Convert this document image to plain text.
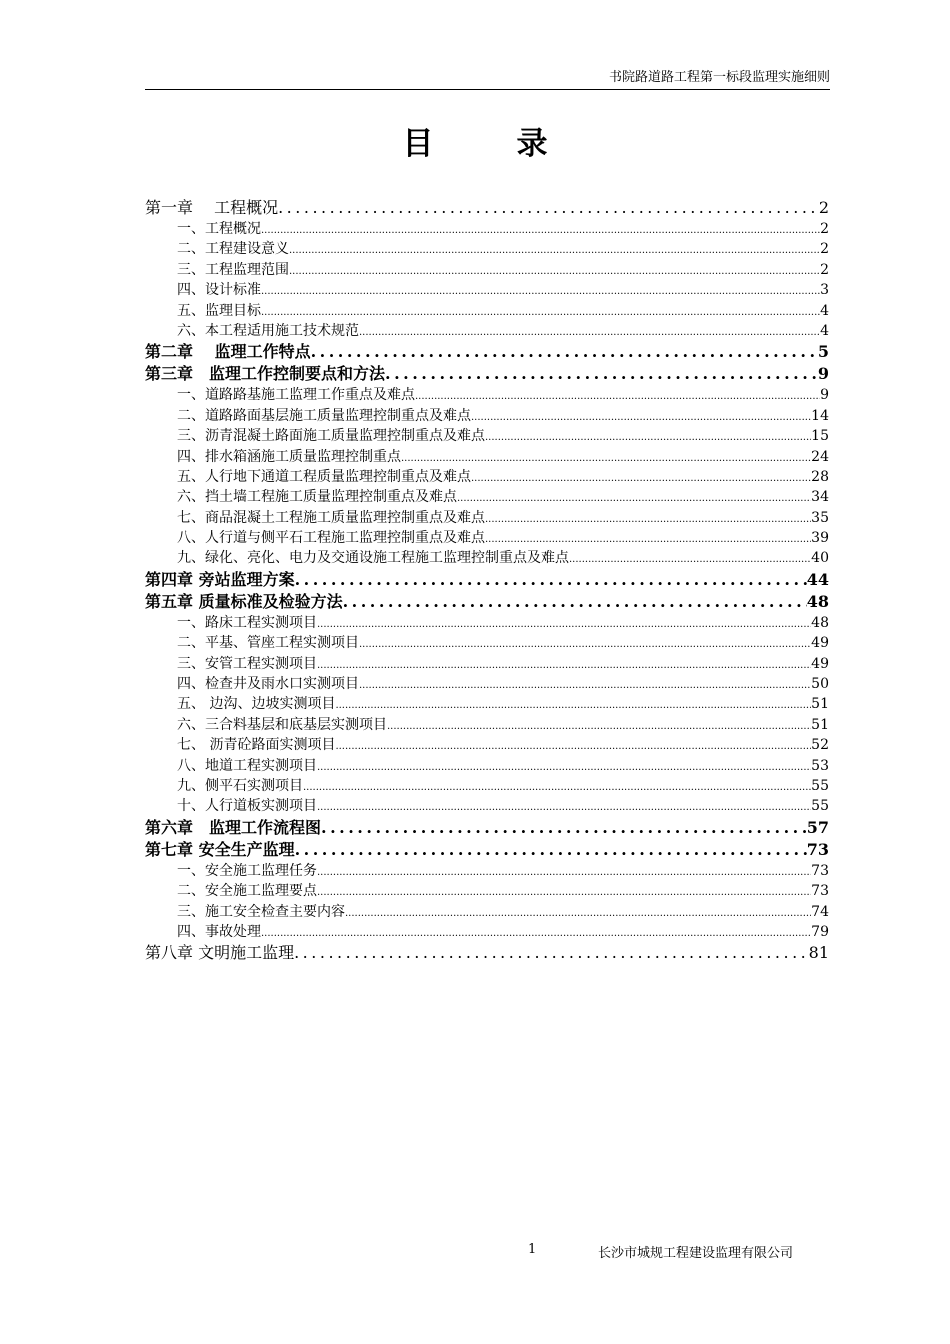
书院路道路工程第一标段监理实施细则
目　录
第一章　 工程概况 .....	2
一、工程概况 .....	2
二、工程建设意义 .....	2
三、工程监理范围 .....	2
四、设计标准 .....	3
五、监理目标 .....	4
六、本工程适用施工技术规范 .....	4
第二章　 监理工作特点 .....	5
第三章　监理工作控制要点和方法 .....	9
一、道路路基施工监理工作重点及难点 .....	9
二、道路路面基层施工质量监理控制重点及难点 .....	14
三、沥青混凝土路面施工质量监理控制重点及难点 .....	15
四、排水箱涵施工质量监理控制重点 .....	24
五、人行地下通道工程质量监理控制重点及难点 .....	28
六、挡土墙工程施工质量监理控制重点及难点 .....	34
七、商品混凝土工程施工质量监理控制重点及难点 .....	35
八、人行道与侧平石工程施工监理控制重点及难点 .....	39
九、绿化、亮化、电力及交通设施工程施工监理控制重点及难点 .....	40
第四章 旁站监理方案 .....	44
第五章 质量标准及检验方法 .....	48
一、路床工程实测项目 .....	48
二、平基、管座工程实测项目 .....	49
三、安管工程实测项目 .....	49
四、检查井及雨水口实测项目 .....	50
五、 边沟、边坡实测项目 .....	51
六、三合料基层和底基层实测项目 .....	51
七、 沥青砼路面实测项目 .....	52
八、地道工程实测项目 .....	53
九、侧平石实测项目 .....	55
十、人行道板实测项目 .....	55
第六章　监理工作流程图 .....	57
第七章 安全生产监理 .....	73
一、安全施工监理任务 .....	73
二、安全施工监理要点 .....	73
三、施工安全检查主要内容 .....	74
四、事故处理 .....	79
第八章 文明施工监理 .....	81
1	长沙市城规工程建设监理有限公司
